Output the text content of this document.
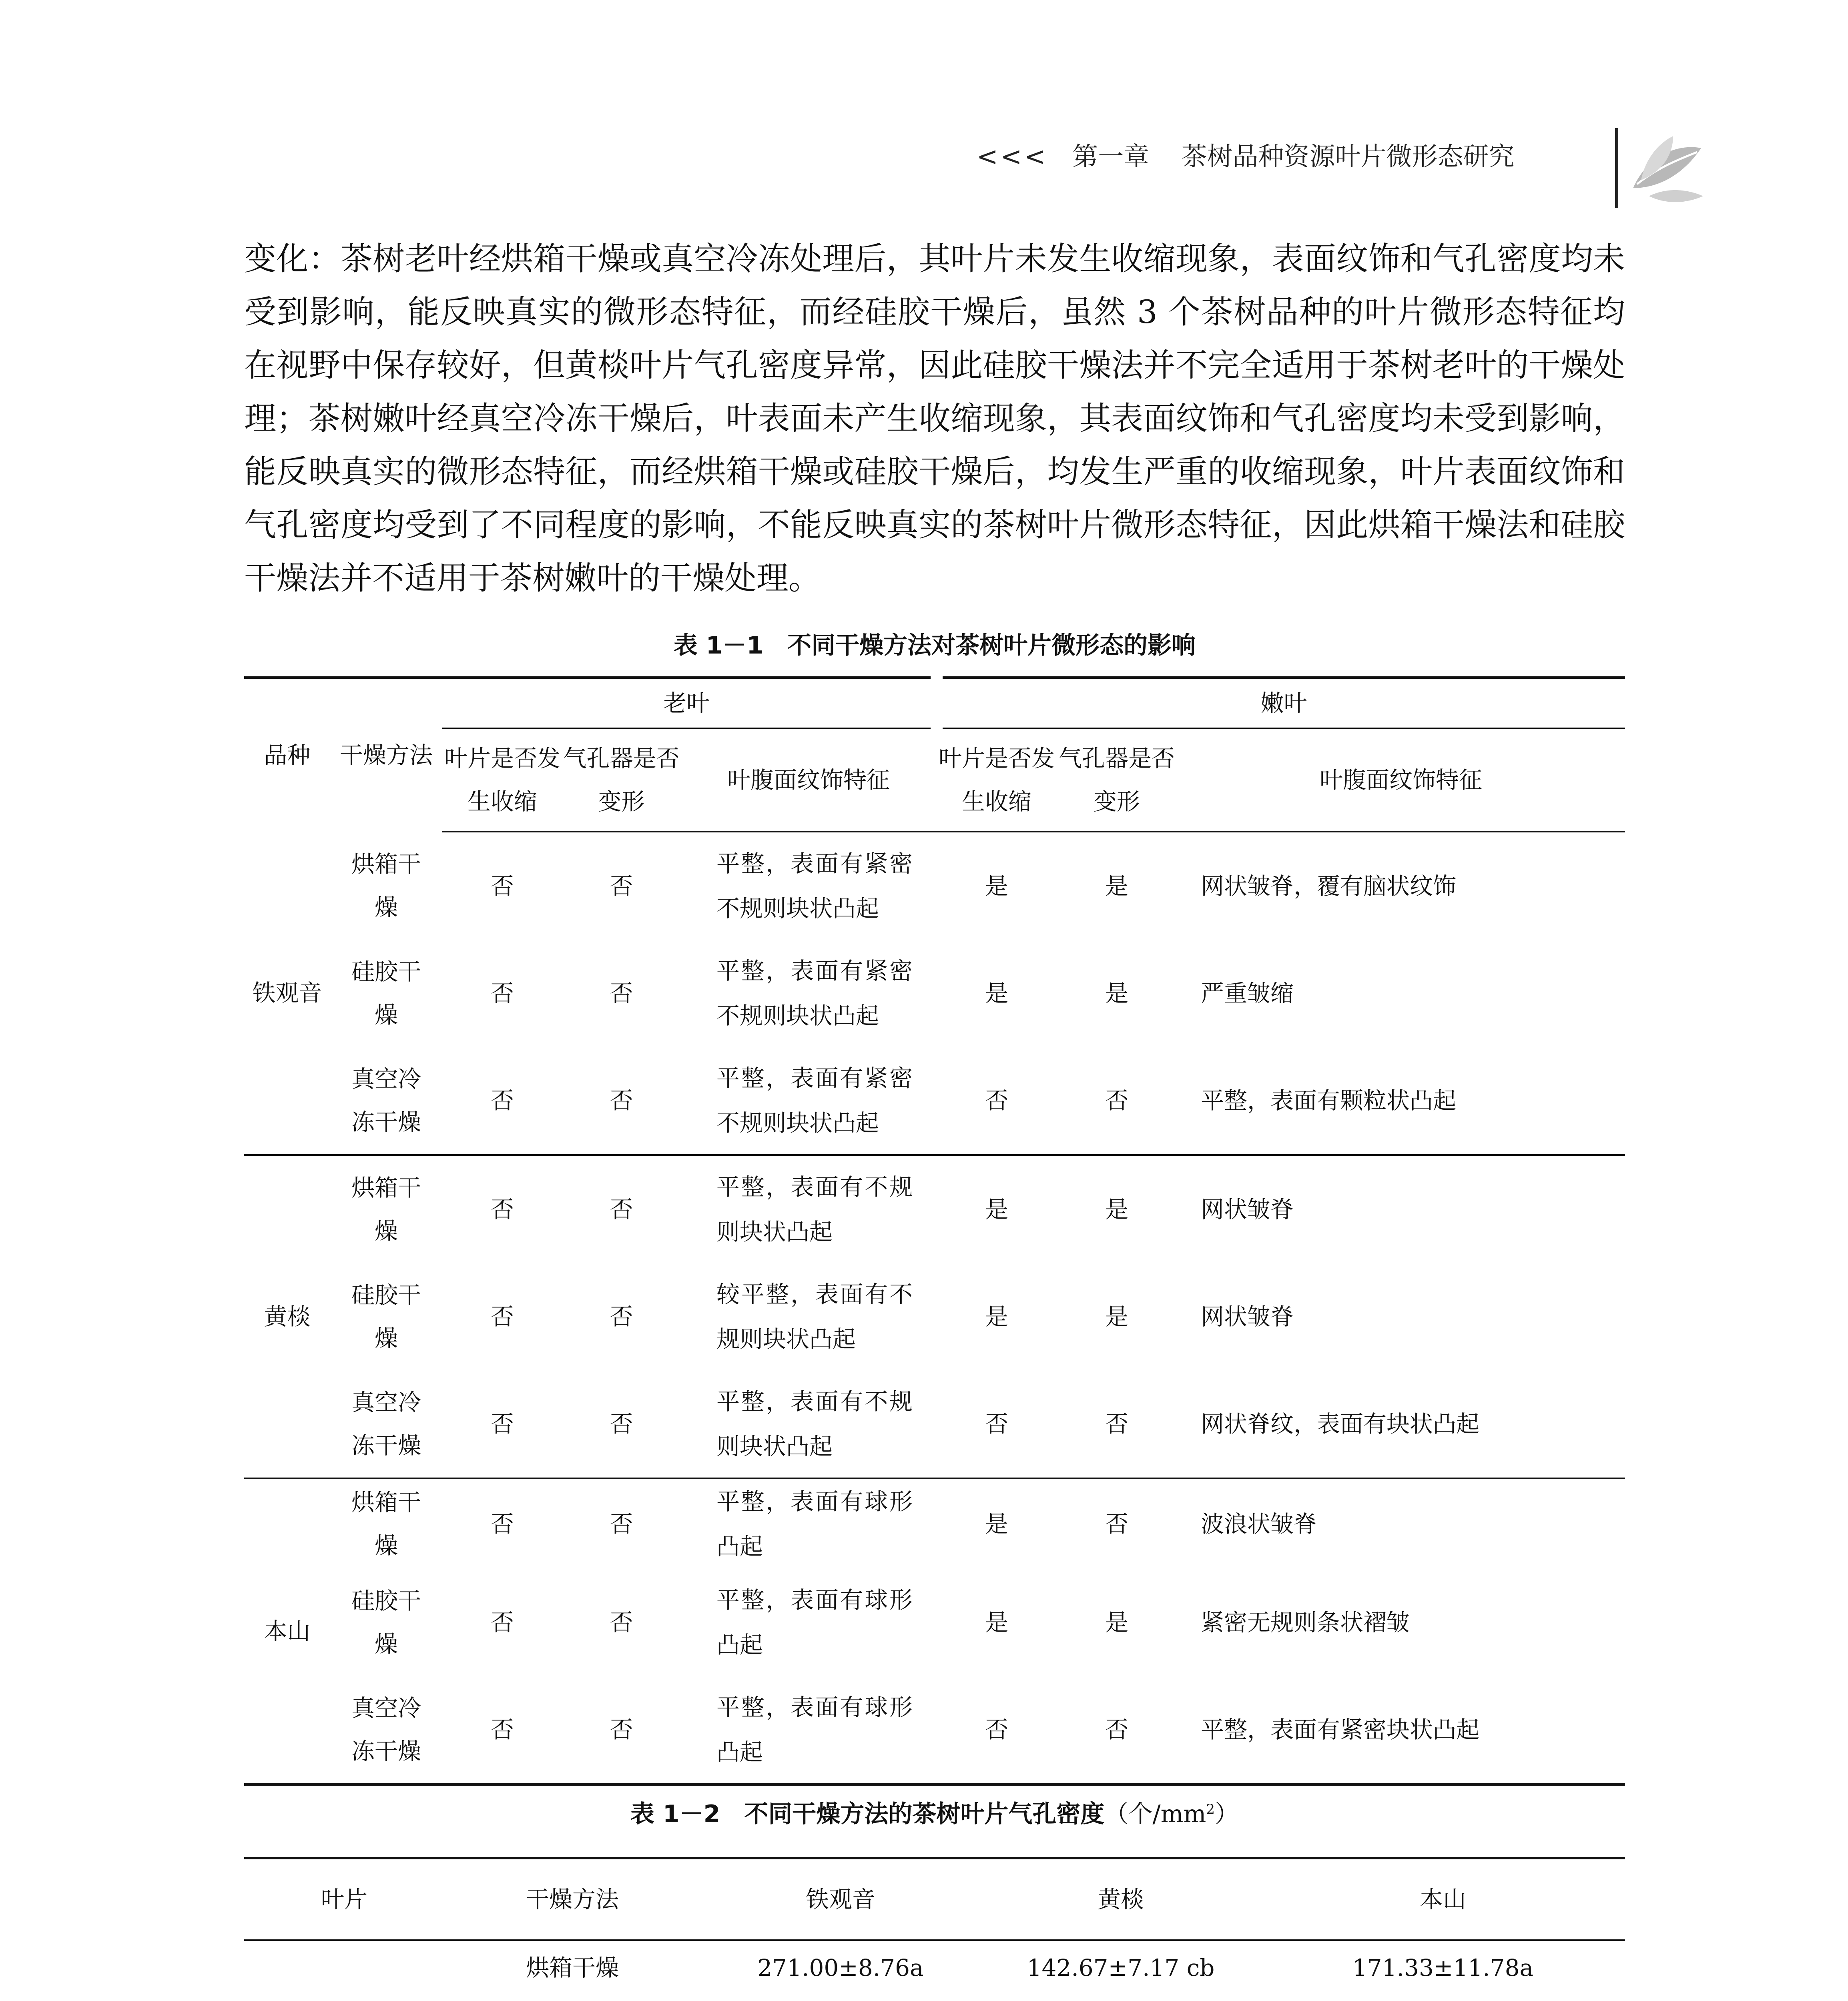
<<< 第一章 茶树品种资源叶片微形态研究
变化：茶树老叶经烘箱干燥或真空冷冻处理后，其叶片未发生收缩现象，表面纹饰和气孔密度均未受到影响，能反映真实的微形态特征，而经硅胶干燥后，虽然 3 个茶树品种的叶片微形态特征均在视野中保存较好，但黄棪叶片气孔密度异常，因此硅胶干燥法并不完全适用于茶树老叶的干燥处理；茶树嫩叶经真空冷冻干燥后，叶表面未产生收缩现象，其表面纹饰和气孔密度均未受到影响，能反映真实的微形态特征，而经烘箱干燥或硅胶干燥后，均发生严重的收缩现象，叶片表面纹饰和气孔密度均受到了不同程度的影响，不能反映真实的茶树叶片微形态特征，因此烘箱干燥法和硅胶干燥法并不适用于茶树嫩叶的干燥处理。
表 1－1　不同干燥方法对茶树叶片微形态的影响
品种	干燥方法	老叶			嫩叶		
		叶片是否发生收缩	气孔器是否变形	叶腹面纹饰特征	叶片是否发生收缩	气孔器是否变形	叶腹面纹饰特征
铁观音	烘箱干燥	否	否	平整，表面有紧密不规则块状凸起	是	是	网状皱脊，覆有脑状纹饰
	硅胶干燥	否	否	平整，表面有紧密不规则块状凸起	是	是	严重皱缩
	真空冷冻干燥	否	否	平整，表面有紧密不规则块状凸起	否	否	平整，表面有颗粒状凸起
黄棪	烘箱干燥	否	否	平整，表面有不规则块状凸起	是	是	网状皱脊
	硅胶干燥	否	否	较平整，表面有不规则块状凸起	是	是	网状皱脊
	真空冷冻干燥	否	否	平整，表面有不规则块状凸起	否	否	网状脊纹，表面有块状凸起
本山	烘箱干燥	否	否	平整，表面有球形凸起	是	否	波浪状皱脊
	硅胶干燥	否	否	平整，表面有球形凸起	是	是	紧密无规则条状褶皱
	真空冷冻干燥	否	否	平整，表面有球形凸起	否	否	平整，表面有紧密块状凸起
表 1－2　不同干燥方法的茶树叶片气孔密度（个$/mm^2$）
叶片	干燥方法	铁观音	黄棪	本山
	烘箱干燥	271.00±8.76a	142.67±7.17 cb	171.33±11.78a
